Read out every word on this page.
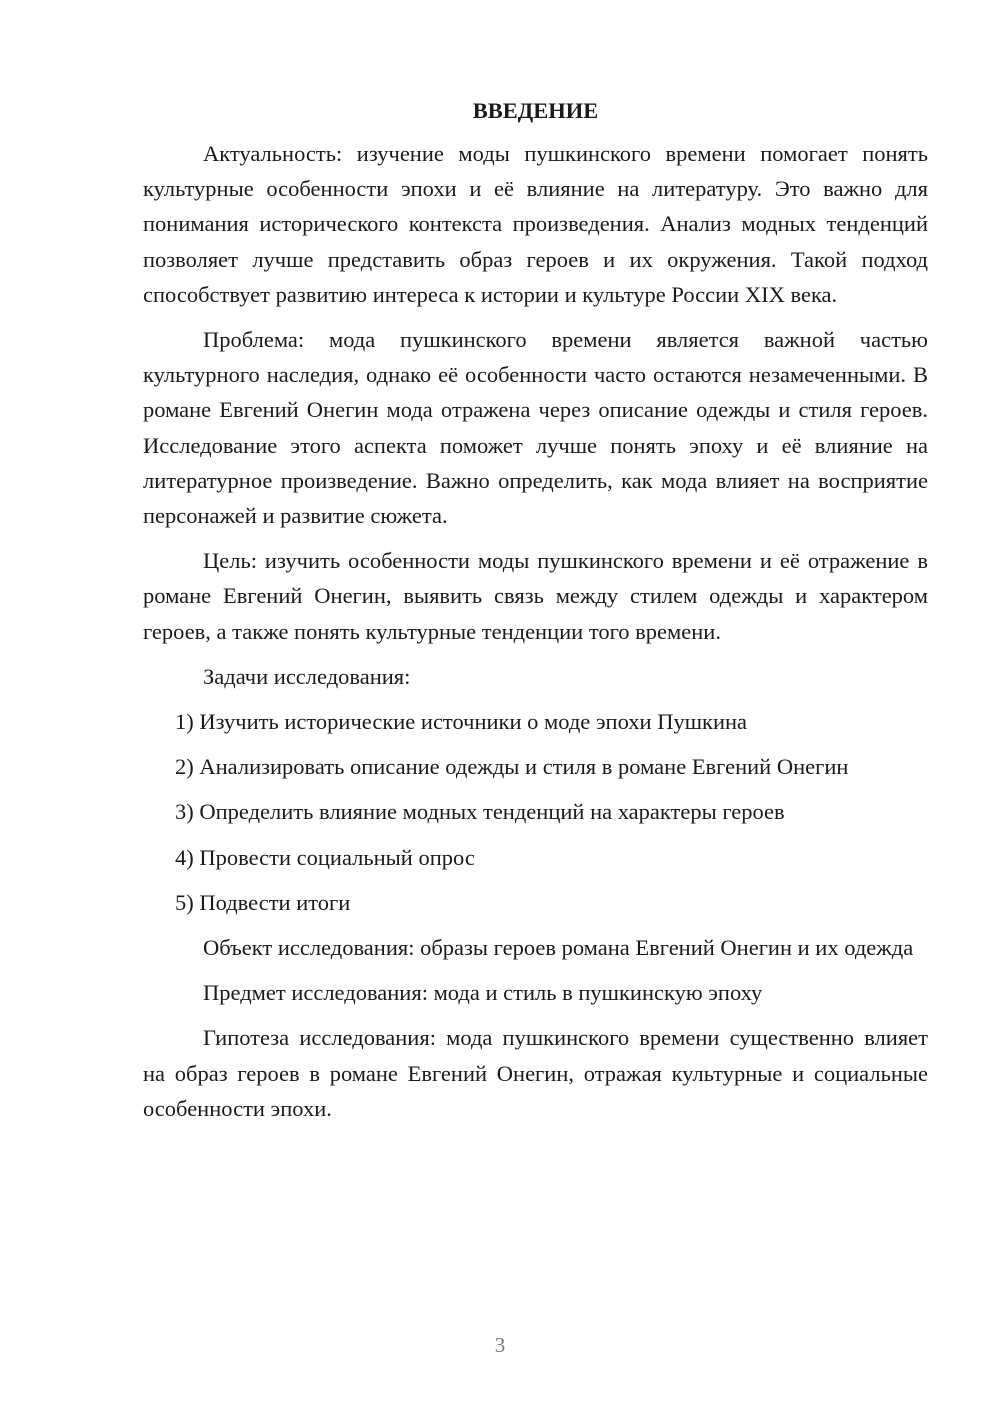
ВВЕДЕНИЕ

Актуальность: изучение моды пушкинского времени помогает понять культурные особенности эпохи и её влияние на литературу. Это важно для понимания исторического контекста произведения. Анализ модных тенденций позволяет лучше представить образ героев и их окружения. Такой подход способствует развитию интереса к истории и культуре России XIX века.

Проблема: мода пушкинского времени является важной частью культурного наследия, однако её особенности часто остаются незамеченными. В романе Евгений Онегин мода отражена через описание одежды и стиля героев. Исследование этого аспекта поможет лучше понять эпоху и её влияние на литературное произведение. Важно определить, как мода влияет на восприятие персонажей и развитие сюжета.

Цель: изучить особенности моды пушкинского времени и её отражение в романе Евгений Онегин, выявить связь между стилем одежды и характером героев, а также понять культурные тенденции того времени.

Задачи исследования:

1) Изучить исторические источники о моде эпохи Пушкина
2) Анализировать описание одежды и стиля в романе Евгений Онегин
3) Определить влияние модных тенденций на характеры героев
4) Провести социальный опрос
5) Подвести итоги

Объект исследования: образы героев романа Евгений Онегин и их одежда

Предмет исследования: мода и стиль в пушкинскую эпоху

Гипотеза исследования: мода пушкинского времени существенно влияет на образ героев в романе Евгений Онегин, отражая культурные и социальные особенности эпохи.

3
